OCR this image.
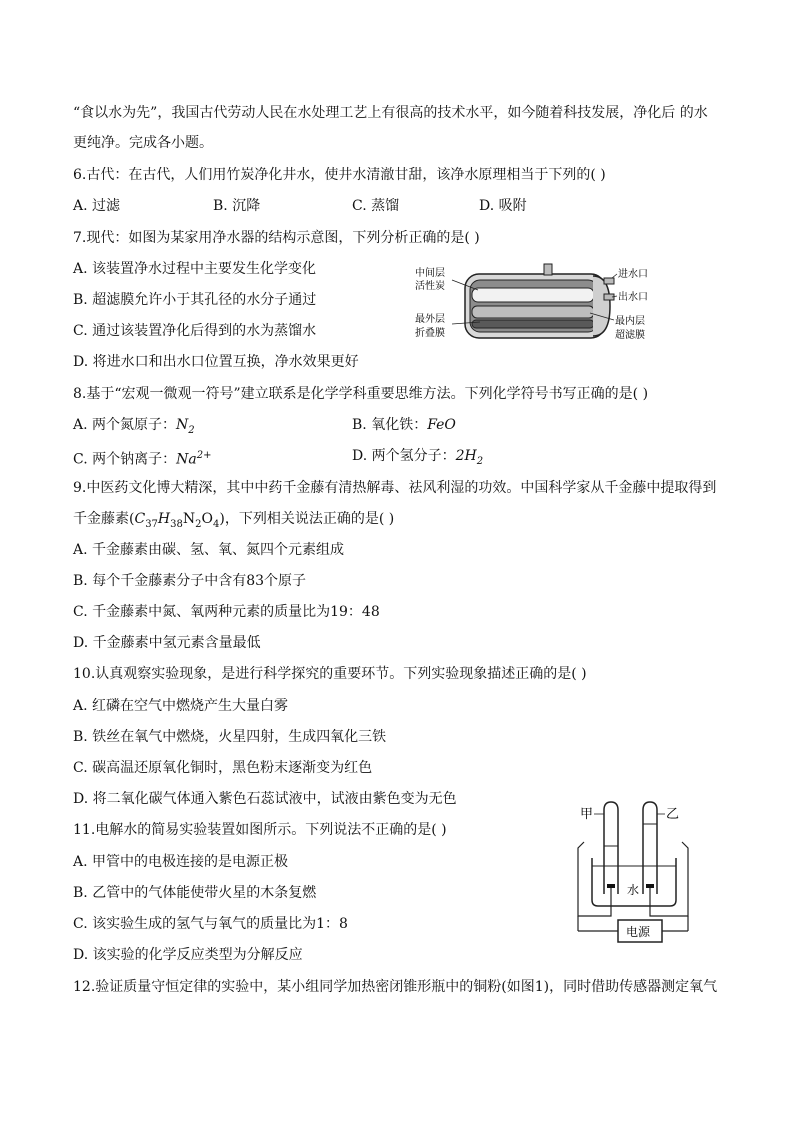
“食以水为先”，我国古代劳动人民在水处理工艺上有很高的技术水平，如今随着科技发展，净化后 的水
更纯净。完成各小题。
6.古代：在古代，人们用竹炭净化井水，使井水清澈甘甜，该净水原理相当于下列的( )
A. 过滤	B. 沉降	C. 蒸馏	D. 吸附
7.现代：如图为某家用净水器的结构示意图，下列分析正确的是( )
A. 该装置净水过程中主要发生化学变化
B. 超滤膜允许小于其孔径的水分子通过
C. 通过该装置净化后得到的水为蒸馏水
D. 将进水口和出水口位置互换，净水效果更好
中间层
活性炭
最外层
折叠膜
进水口
出水口
最内层
超滤膜
8.基于“宏观一微观一符号”建立联系是化学学科重要思维方法。下列化学符号书写正确的是( )
A. 两个氮原子：$N_2$	B. 氧化铁：FeO
C. 两个钠离子：$Na^{2+}$	D. 两个氢分子：$2H_2$
9.中医药文化博大精深，其中中药千金藤有清热解毒、祛风利湿的功效。中国科学家从千金藤中提取得到
千金藤素$(C_{37}H_{38}N_2O_4)$，下列相关说法正确的是( )
A. 千金藤素由碳、氢、氧、氮四个元素组成
B. 每个千金藤素分子中含有83个原子
C. 千金藤素中氮、氧两种元素的质量比为19：48
D. 千金藤素中氢元素含量最低
10.认真观察实验现象，是进行科学探究的重要环节。下列实验现象描述正确的是( )
A. 红磷在空气中燃烧产生大量白雾
B. 铁丝在氧气中燃烧，火星四射，生成四氧化三铁
C. 碳高温还原氧化铜时，黑色粉末逐渐变为红色
D. 将二氧化碳气体通入紫色石蕊试液中，试液由紫色变为无色
11.电解水的简易实验装置如图所示。下列说法不正确的是( )
A. 甲管中的电极连接的是电源正极
B. 乙管中的气体能使带火星的木条复燃
C. 该实验生成的氢气与氧气的质量比为1：8
D. 该实验的化学反应类型为分解反应
电源
甲	乙
水
12.验证质量守恒定律的实验中，某小组同学加热密闭锥形瓶中的铜粉(如图1)，同时借助传感器测定氧气
